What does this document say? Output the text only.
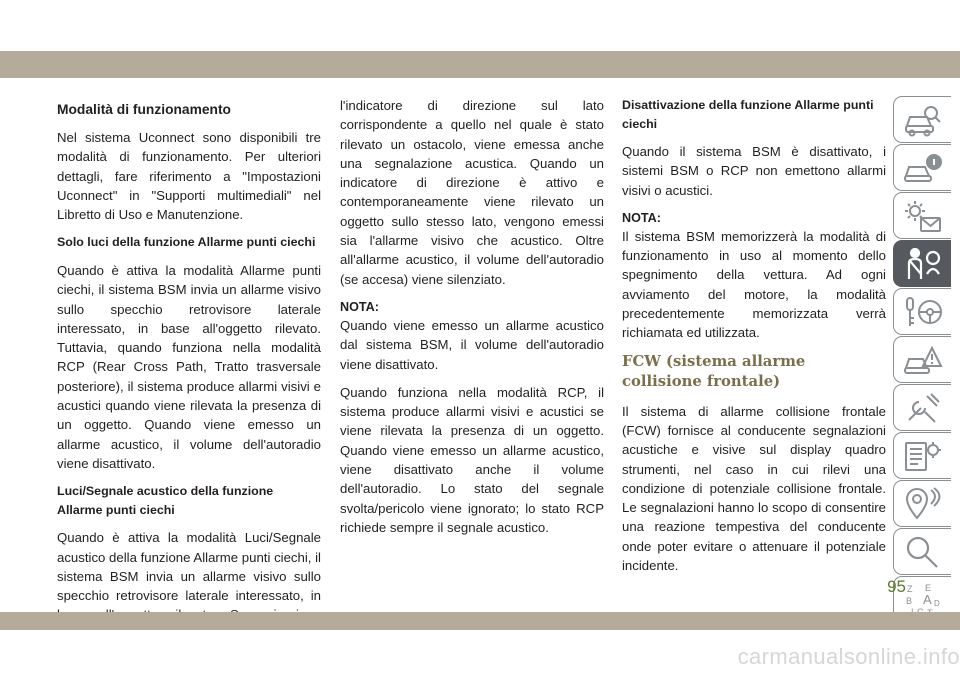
Modalità di funzionamento

Nel sistema Uconnect sono disponibili tre modalità di funzionamento. Per ulteriori dettagli, fare riferimento a "Impostazioni Uconnect" in "Supporti multimediali" nel Libretto di Uso e Manutenzione.

Solo luci della funzione Allarme punti ciechi

Quando è attiva la modalità Allarme punti ciechi, il sistema BSM invia un allarme visivo sullo specchio retrovisore laterale interessato, in base all'oggetto rilevato. Tuttavia, quando funziona nella modalità RCP (Rear Cross Path, Tratto trasversale posteriore), il sistema produce allarmi visivi e acustici quando viene rilevata la presenza di un oggetto. Quando viene emesso un allarme acustico, il volume dell'autoradio viene disattivato.

Luci/Segnale acustico della funzione Allarme punti ciechi

Quando è attiva la modalità Luci/Segnale acustico della funzione Allarme punti ciechi, il sistema BSM invia un allarme visivo sullo specchio retrovisore laterale interessato, in

l'indicatore di direzione sul lato corrispondente a quello nel quale è stato rilevato un ostacolo, viene emessa anche una segnalazione acustica. Quando un indicatore di direzione è attivo e contemporaneamente viene rilevato un oggetto sullo stesso lato, vengono emessi sia l'allarme visivo che acustico. Oltre all'allarme acustico, il volume dell'autoradio (se accesa) viene silenziato.

NOTA:

Quando viene emesso un allarme acustico dal sistema BSM, il volume dell'autoradio viene disattivato.

Quando funziona nella modalità RCP, il sistema produce allarmi visivi e acustici se viene rilevata la presenza di un oggetto. Quando viene emesso un allarme acustico, viene disattivato anche il volume dell'autoradio. Lo stato del segnale svolta/pericolo viene ignorato; lo stato RCP richiede sempre il segnale acustico.

Disattivazione della funzione Allarme punti ciechi

Quando il sistema BSM è disattivato, i sistemi BSM o RCP non emettono allarmi visivi o acustici.

NOTA:

Il sistema BSM memorizzerà la modalità di funzionamento in uso al momento dello spegnimento della vettura. Ad ogni avviamento del motore, la modalità precedentemente memorizzata verrà richiamata ed utilizzata.

FCW (sistema allarme collisione frontale)

Il sistema di allarme collisione frontale (FCW) fornisce al conducente segnalazioni acustiche e visive sul display quadro strumenti, nel caso in cui rilevi una condizione di potenziale collisione frontale. Le segnalazioni hanno lo scopo di consentire una reazione tempestiva del conducente onde poter evitare o attenuare il potenziale incidente.

Z E
B A D
95
carmanualsonline.info
